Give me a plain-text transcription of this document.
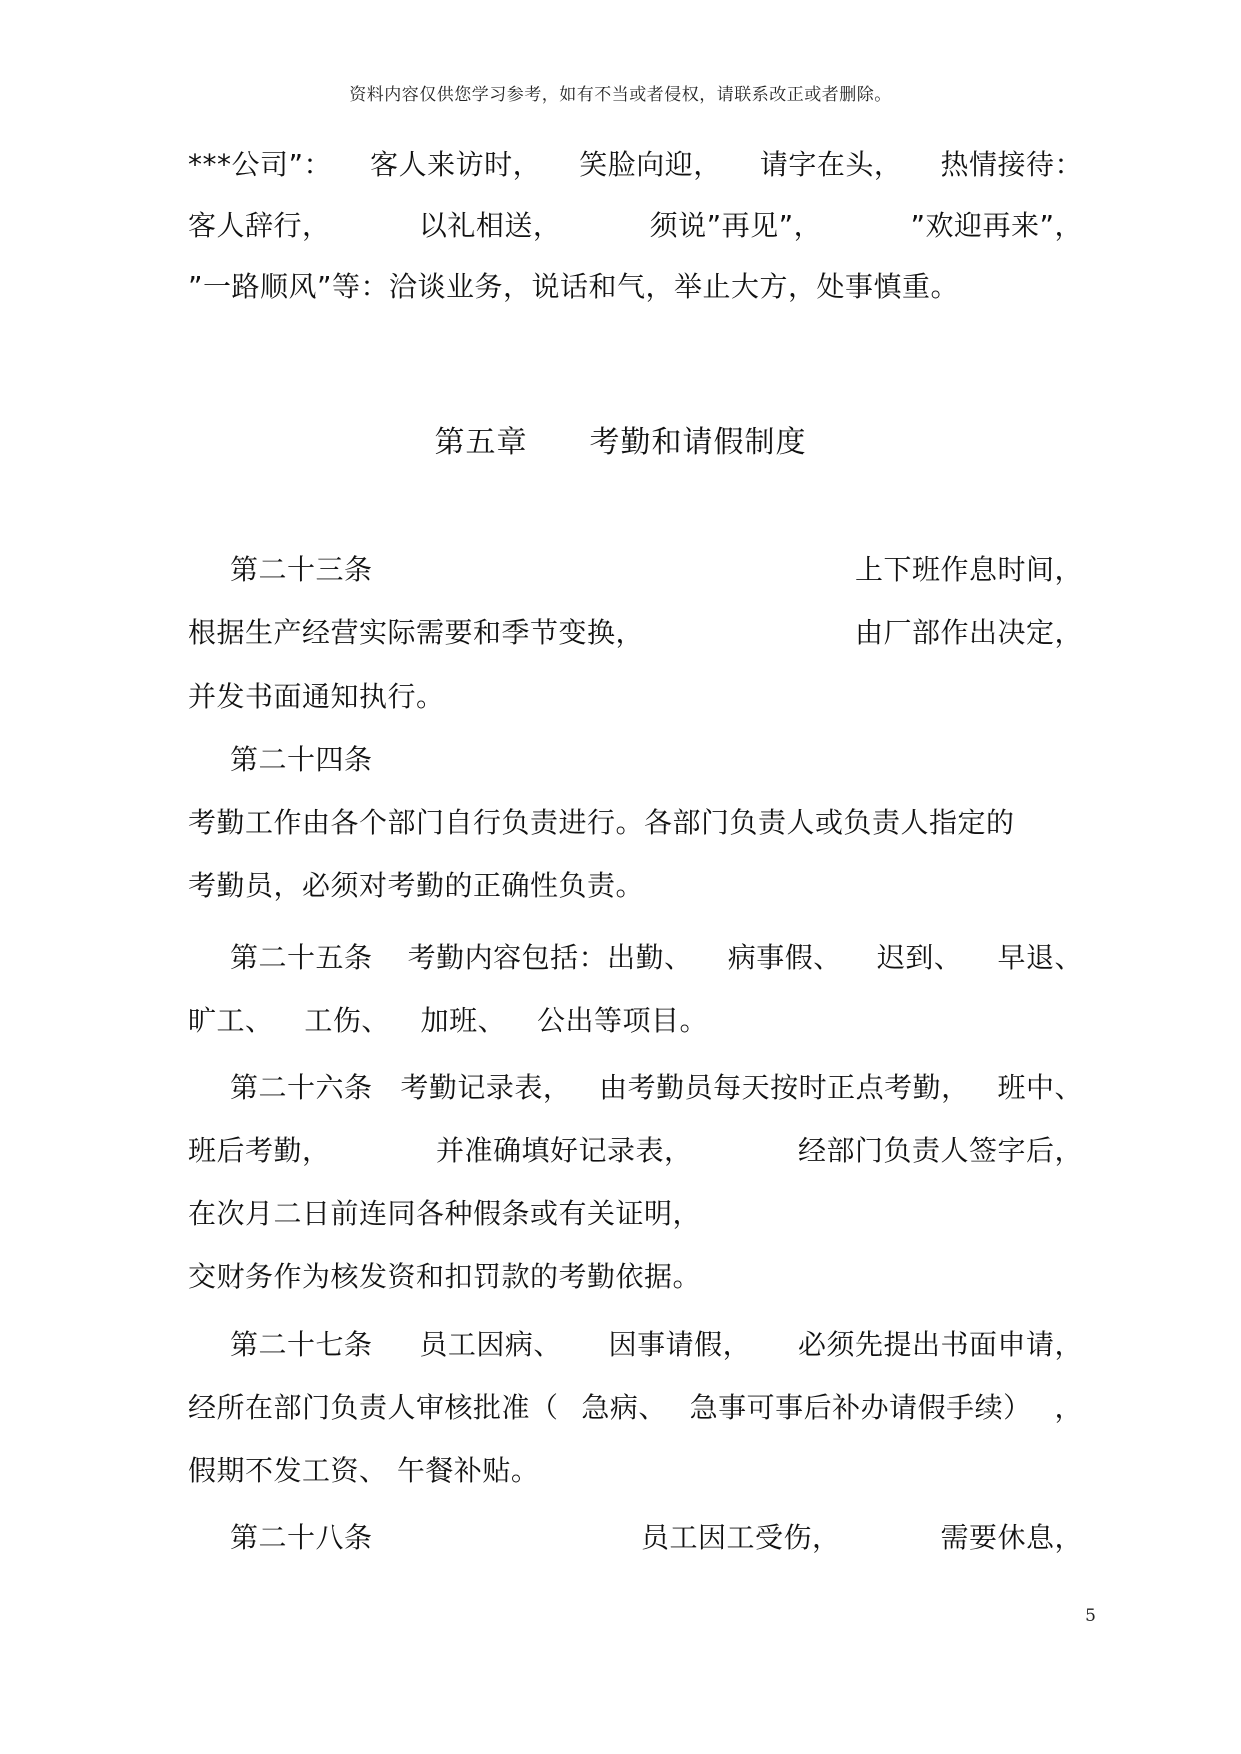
资料内容仅供您学习参考，如有不当或者侵权，请联系改正或者删除。
***公司”： 客人来访时， 笑脸向迎， 请字在头， 热情接待：
客人辞行，	以礼相送，	须说”再见”，	”欢迎再来”，
”一路顺风”等：洽谈业务，说话和气，举止大方，处事慎重。
第五章　　考勤和请假制度
第二十三条	上下班作息时间，
根据生产经营实际需要和季节变换，	由厂部作出决定，
并发书面通知执行。
第二十四条
考勤工作由各个部门自行负责进行。各部门负责人或负责人指定的
考勤员，必须对考勤的正确性负责。
第二十五条 考勤内容包括：出勤、 病事假、 迟到、 早退、
旷工、 工伤、 加班、 公出等项目。
第二十六条 考勤记录表， 由考勤员每天按时正点考勤， 班中、
班后考勤，	并准确填好记录表，	经部门负责人签字后，
在次月二日前连同各种假条或有关证明，
交财务作为核发资和扣罚款的考勤依据。
第二十七条 员工因病、 因事请假， 必须先提出书面申请，
经所在部门负责人审核批准（ 急病、 急事可事后补办请假手续） ，
假期不发工资、 午餐补贴。
第二十八条	员工因工受伤，	需要休息，
5
